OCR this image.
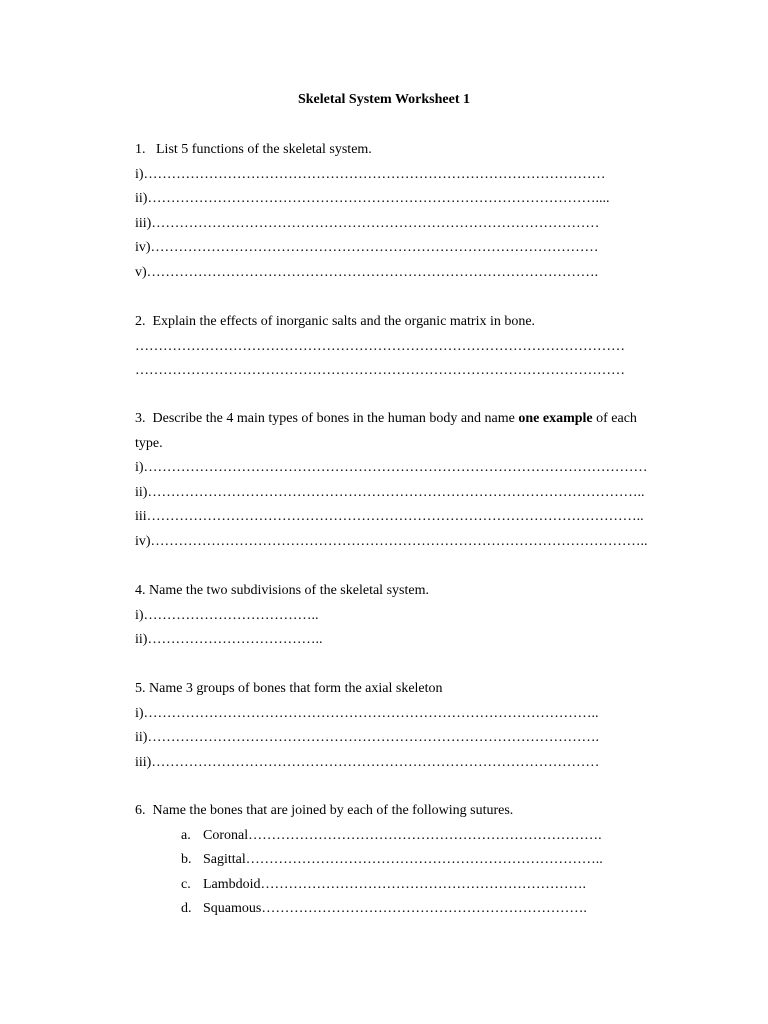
Skeletal System Worksheet 1
1. List 5 functions of the skeletal system.
i)………………………………………………………………………………………
ii)……………………………………………………………………………………....
iii)……………………………………………………………………………………
iv)……………………………………………………………………………………
v)…………………………………………………………………………………….
2. Explain the effects of inorganic salts and the organic matrix in bone.
……………………………………………………………………………………………
……………………………………………………………………………………………
3. Describe the 4 main types of bones in the human body and name one example of each
type.
i)………………………………………………………………………………………………
ii)……………………………………………………………………………………………..
iii……………………………………………………………………………………………..
iv)……………………………………………………………………………………………..
4. Name the two subdivisions of the skeletal system.
i)………………………………..
ii)………………………………..
5. Name 3 groups of bones that form the axial skeleton
i)……………………………………………………………………………………..
ii)…………………………………………………………………………………….
iii)……………………………………………………………………………………
6. Name the bones that are joined by each of the following sutures.
a. Coronal………………………………………………………………….
b. Sagittal…………………………………………………………………..
c. Lambdoid…………………………………………………………….
d. Squamous…………………………………………………………….
